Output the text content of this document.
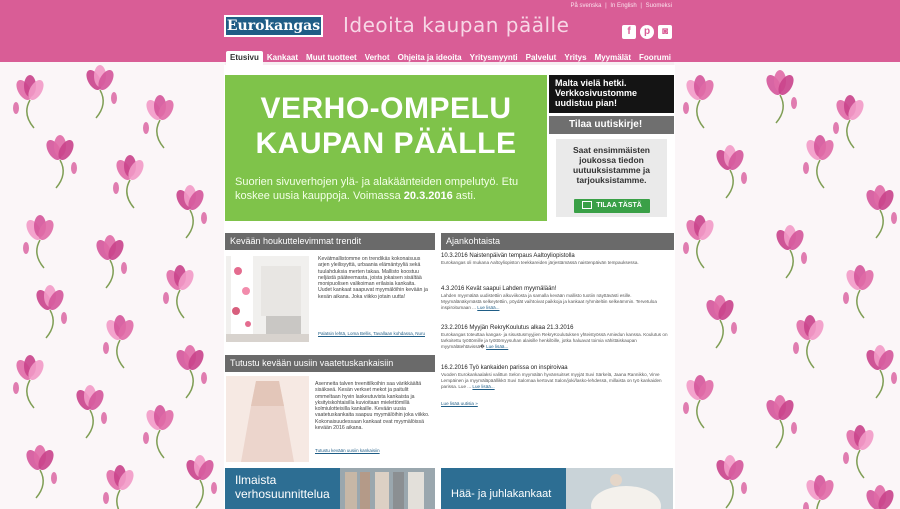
Eurokangas Ideoita kaupan päälle
På svenska | In English | Suomeksi
f	p	◙
Etusivu	Kankaat	Muut tuotteet	Verhot	Ohjeita ja ideoita	Yritysmyynti	Palvelut	Yritys	Myymälät	Foorumi
VERHO-OMPELU
KAUPAN PÄÄLLE
Suorien sivuverhojen ylä- ja alakäänteiden ompelutyö. Etu koskee uusia kauppoja. Voimassa 20.3.2016 asti.
Malta vielä hetki. Verkkosivustomme uudistuu pian!
Tilaa uutiskirje!
Saat ensimmäisten joukossa tiedon uutuuksistamme ja tarjouksistamme.
TILAA TÄSTÄ
Kevään houkuttelevimmat trendit
Kevätmallistomme on trendikäs kokonaisuus arjen yleilisyyttä, urbaania elämäntyyliä sekä tuulahduksia merten takaa. Mallisto koostuu neljästä pääteemasta, joista jokaisen sisältää monipuolisen valikoiman erilaisia kankaita. Uudet kankaat saapuvat myymälöihin kevään ja kesän aikana. Joka viikko jotain uutta!
Palatsin lehtä, Loma Bellis, Tavallaan kohdassa, Nuru
Tutustu kevään uusiin vaatetuskankaisiin
Asenneita talven treenitilkoihin saa värikkäältä sisäkseä. Kesän verkset mekot ja paitulit ommeltaan hyvin laskeutuvista kankaista ja yksityiskohtaisilla kuvioitaan mielettömillä kolmiulotteisilla kankaille. Kevään uusia vaatetuskankaita saapuu myymälöihin joka viikko. Kokonaisuudessaan kankaat ovat myymälöissä kevään 2016 aikana.
Tutustu kevään uusiin kankaisiin
Ajankohtaista
10.3.2016 Naistenpäivän tempaus Aaltoyliopistolla
Eurokangas oli mukana Aaltoyliopiston teekkareiden järjestämässä naistenpäivän tempauksessa.
4.3.2016 Kevät saapui Lahden myymälään!
Lahden myymälää uudistettiin alkuviikosta ja samalla kevään mallisto tuotiin näyttävästi esille. Myymälänäkymästä selkeytettiin, pöydät vaihtoivat paikkoja ja kankaat ryhmiteltiin selkeämmin. Tervetuloa inspiroitumaan ... Lue lisää...
23.2.2016 Myyjän RekryKoulutus alkaa 21.3.2016
Eurokangas toteuttaa kangas- ja sisustusmyyjien RekryKoulutuksen yhteistyössä Amiedun kanssa. Koulutus on tarkoitettu työttömille ja työttömyysuhan alaisille henkilöille, jotka haluavat toimia vähittäiskaupan myymälätehtävissä� Lue lisää...
16.2.2016 Työ kankaiden parissa on inspiroivaa
Vuoden Eurokankaalaksi valittun Selon myymälän hyvänsuitset myyjät Suvi Särkelä, Jaana Rannikko, Virve Lempäinen ja myymäläpäällikkö Suvi Salomaa kertovat Salon/joki/lasko-lehdessä, millaista on työ kankaiden parissa. Lue ... Lue lisää...
Lue lisää uutisia »
Ilmaista
verhosuunnittelua	Hää- ja juhlakankaat
